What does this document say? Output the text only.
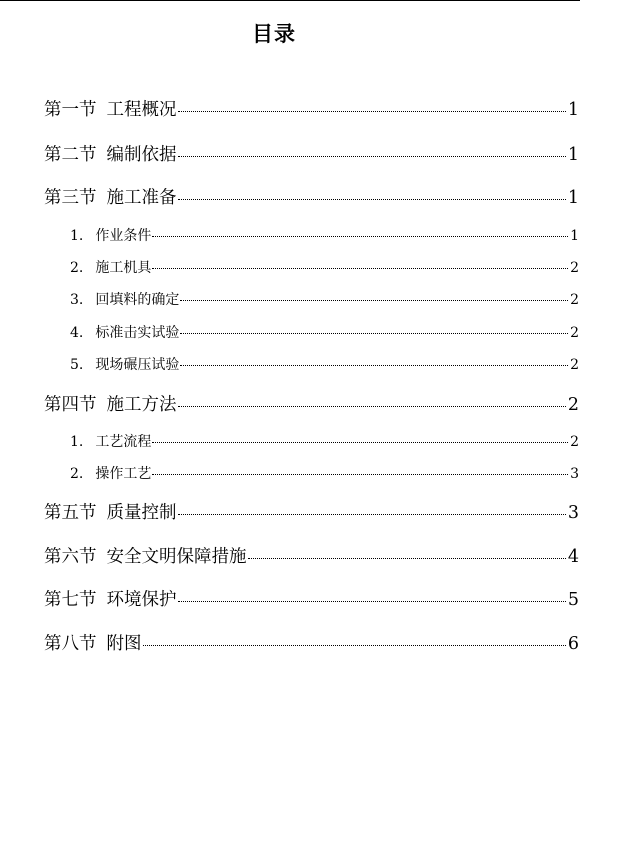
目录
第一节 工程概况	1
第二节 编制依据	1
第三节 施工准备	1
1. 作业条件	1
2. 施工机具	2
3. 回填料的确定	2
4. 标准击实试验	2
5. 现场碾压试验	2
第四节 施工方法	2
1. 工艺流程	2
2. 操作工艺	3
第五节 质量控制	3
第六节 安全文明保障措施	4
第七节 环境保护	5
第八节 附图	6
